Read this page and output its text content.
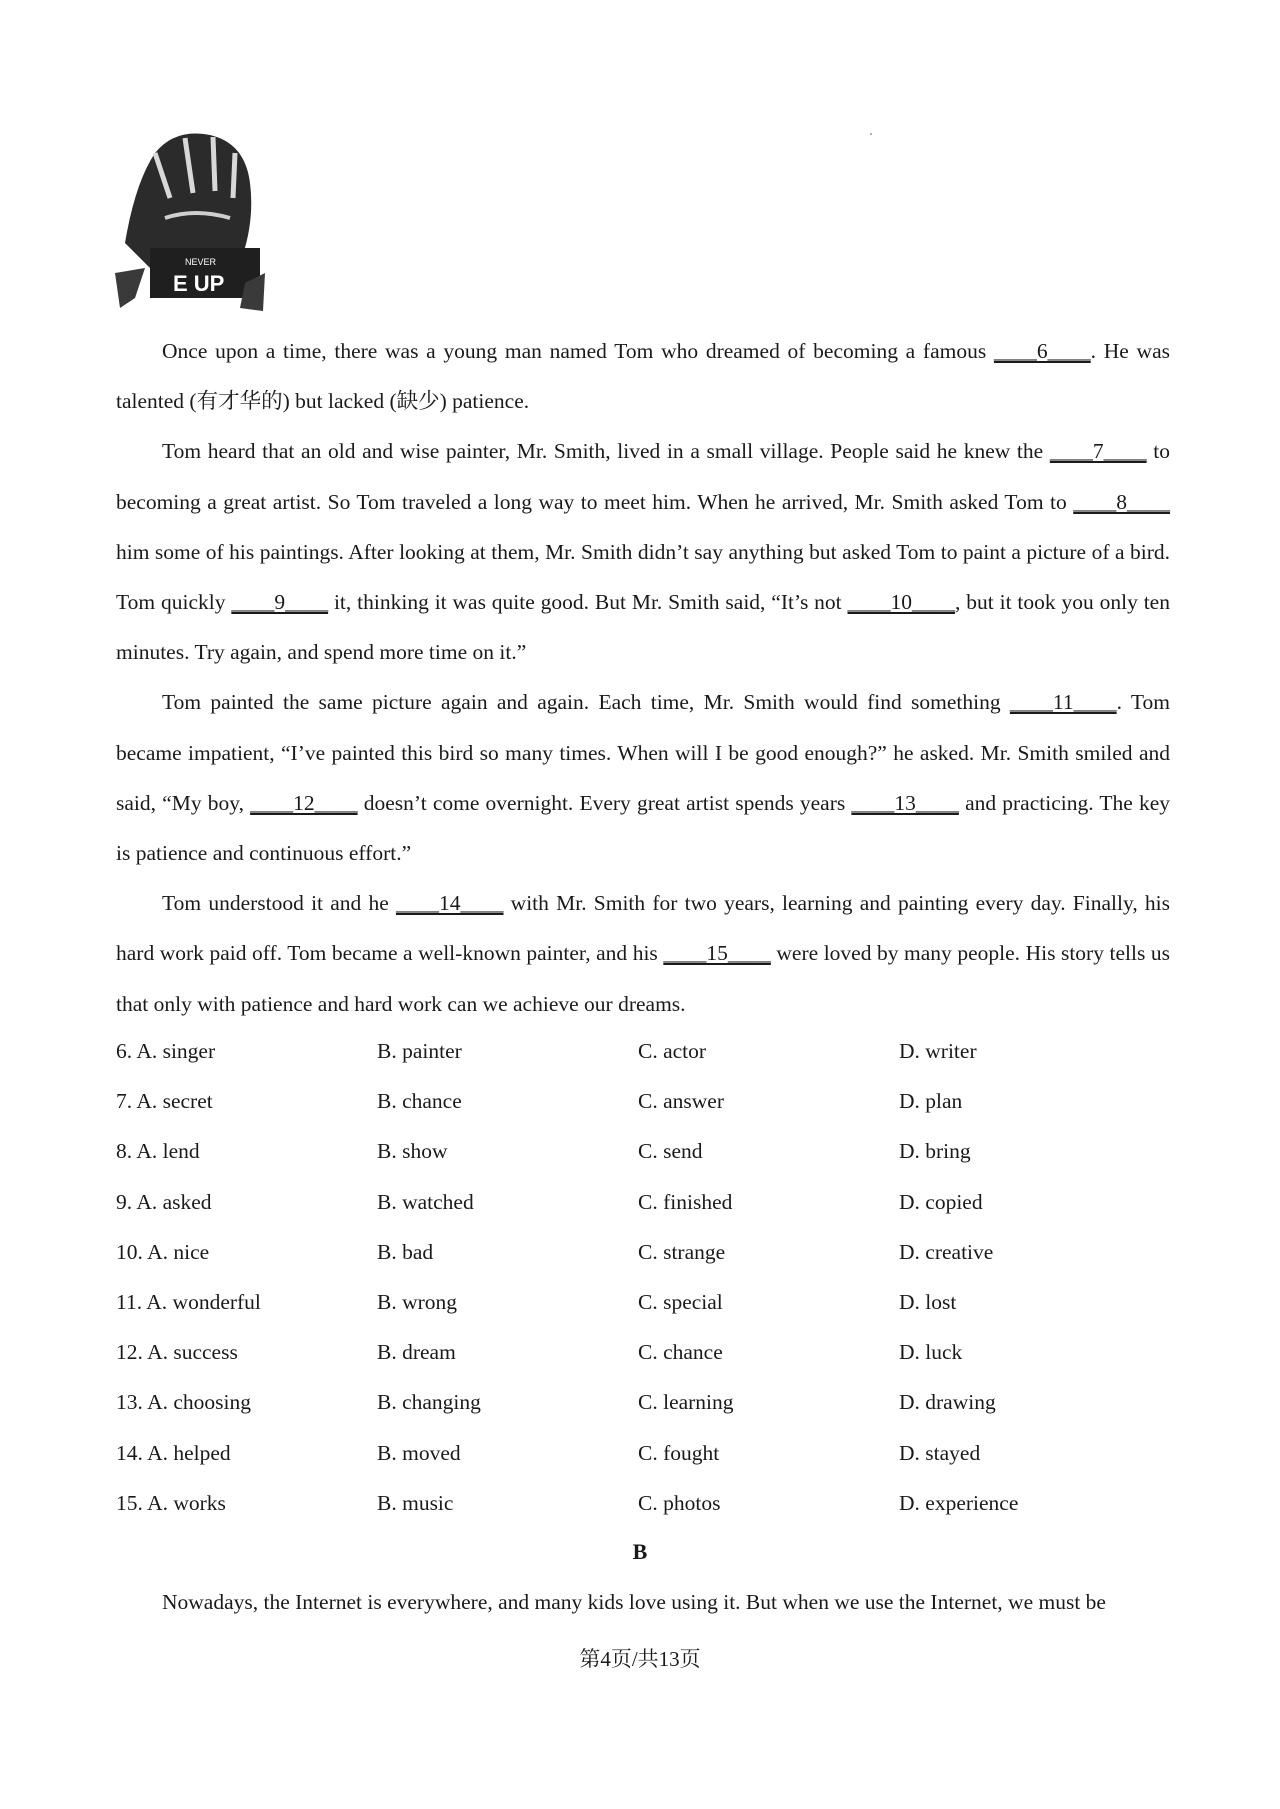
NEVER
E UP

Once upon a time, there was a young man named Tom who dreamed of becoming a famous ____6____. He was talented (有才华的) but lacked (缺少) patience.

Tom heard that an old and wise painter, Mr. Smith, lived in a small village. People said he knew the ____7____ to becoming a great artist. So Tom traveled a long way to meet him. When he arrived, Mr. Smith asked Tom to ____8____ him some of his paintings. After looking at them, Mr. Smith didn’t say anything but asked Tom to paint a picture of a bird. Tom quickly ____9____ it, thinking it was quite good. But Mr. Smith said, “It’s not ____10____, but it took you only ten minutes. Try again, and spend more time on it.”

Tom painted the same picture again and again. Each time, Mr. Smith would find something ____11____. Tom became impatient, “I’ve painted this bird so many times. When will I be good enough?” he asked. Mr. Smith smiled and said, “My boy, ____12____ doesn’t come overnight. Every great artist spends years ____13____ and practicing. The key is patience and continuous effort.”

Tom understood it and he ____14____ with Mr. Smith for two years, learning and painting every day. Finally, his hard work paid off. Tom became a well-known painter, and his ____15____ were loved by many people. His story tells us that only with patience and hard work can we achieve our dreams.

6. A. singer	B. painter	C. actor	D. writer
7. A. secret	B. chance	C. answer	D. plan
8. A. lend	B. show	C. send	D. bring
9. A. asked	B. watched	C. finished	D. copied
10. A. nice	B. bad	C. strange	D. creative
11. A. wonderful	B. wrong	C. special	D. lost
12. A. success	B. dream	C. chance	D. luck
13. A. choosing	B. changing	C. learning	D. drawing
14. A. helped	B. moved	C. fought	D. stayed
15. A. works	B. music	C. photos	D. experience
B

Nowadays, the Internet is everywhere, and many kids love using it. But when we use the Internet, we must be

第4页/共13页
